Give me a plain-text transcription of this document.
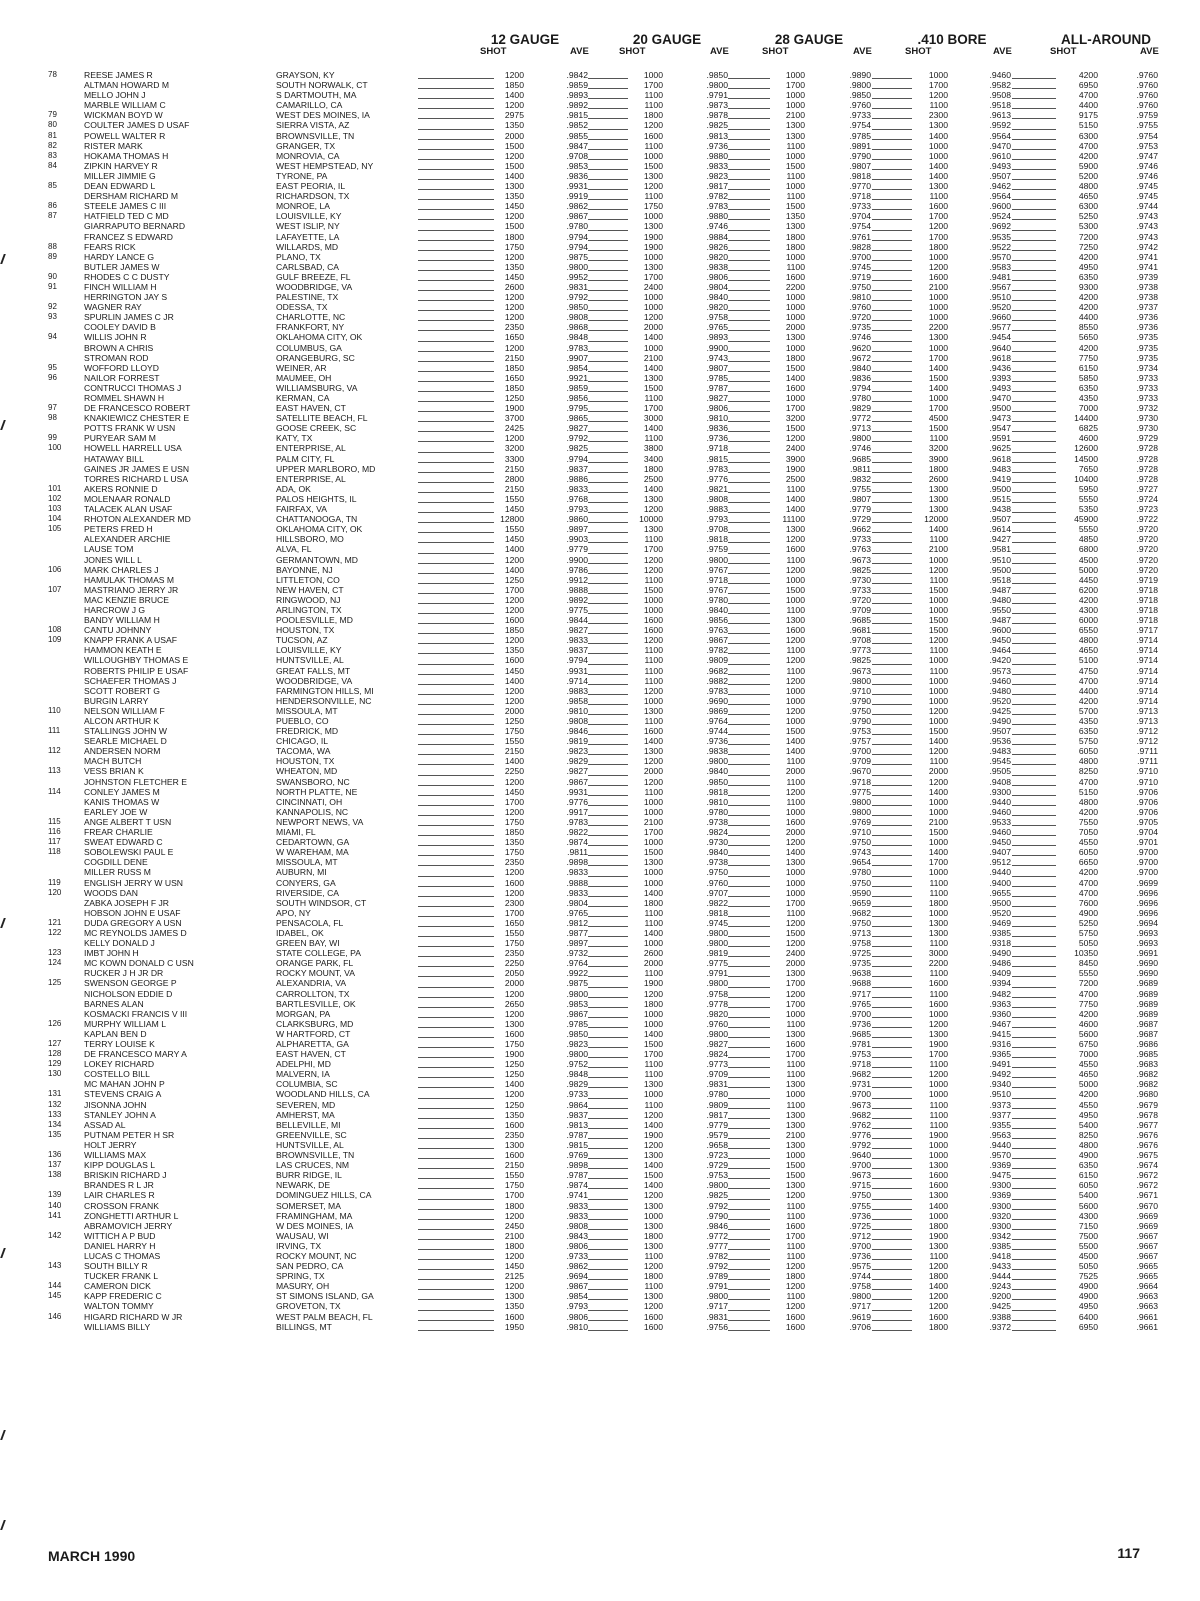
12 GAUGE	20 GAUGE	28 GAUGE	.410 BORE	ALL-AROUND
SHOT	AVE	SHOT	AVE	SHOT	AVE	SHOT	AVE	SHOT	AVE
78	REESE JAMES R	GRAYSON, KY	1200	.9842	1000	.9850	1000	.9890	1000	.9460	4200	.9760
ALTMAN HOWARD M	SOUTH NORWALK, CT	1850	.9859	1700	.9800	1700	.9800	1700	.9582	6950	.9760
MELLO JOHN J	S DARTMOUTH, MA	1400	.9893	1100	.9791	1000	.9850	1200	.9508	4700	.9760
MARBLE WILLIAM C	CAMARILLO, CA	1200	.9892	1100	.9873	1000	.9760	1100	.9518	4400	.9760
79	WICKMAN BOYD W	WEST DES MOINES, IA	2975	.9815	1800	.9878	2100	.9733	2300	.9613	9175	.9759
80	COULTER JAMES D USAF	SIERRA VISTA, AZ	1350	.9852	1200	.9825	1300	.9754	1300	.9592	5150	.9755
81	POWELL WALTER R	BROWNSVILLE, TN	2000	.9855	1600	.9813	1300	.9785	1400	.9564	6300	.9754
82	RISTER MARK	GRANGER, TX	1500	.9847	1100	.9736	1100	.9891	1000	.9470	4700	.9753
83	HOKAMA THOMAS H	MONROVIA, CA	1200	.9708	1000	.9880	1000	.9790	1000	.9610	4200	.9747
84	ZIPKIN HARVEY R	WEST HEMPSTEAD, NY	1500	.9853	1500	.9833	1500	.9807	1400	.9493	5900	.9746
MILLER JIMMIE G	TYRONE, PA	1400	.9836	1300	.9823	1100	.9818	1400	.9507	5200	.9746
85	DEAN EDWARD L	EAST PEORIA, IL	1300	.9931	1200	.9817	1000	.9770	1300	.9462	4800	.9745
DERSHAM RICHARD M	RICHARDSON, TX	1350	.9919	1100	.9782	1100	.9718	1100	.9564	4650	.9745
86	STEELE JAMES C III	MONROE, LA	1450	.9862	1750	.9783	1500	.9733	1600	.9600	6300	.9744
87	HATFIELD TED C MD	LOUISVILLE, KY	1200	.9867	1000	.9880	1350	.9704	1700	.9524	5250	.9743
GIARRAPUTO BERNARD	WEST ISLIP, NY	1500	.9780	1300	.9746	1300	.9754	1200	.9692	5300	.9743
FRANCEZ S EDWARD	LAFAYETTE, LA	1800	.9794	1900	.9884	1800	.9761	1700	.9535	7200	.9743
88	FEARS RICK	WILLARDS, MD	1750	.9794	1900	.9826	1800	.9828	1800	.9522	7250	.9742
89	HARDY LANCE G	PLANO, TX	1200	.9875	1000	.9820	1000	.9700	1000	.9570	4200	.9741
BUTLER JAMES W	CARLSBAD, CA	1350	.9800	1300	.9838	1100	.9745	1200	.9583	4950	.9741
90	RHODES C C DUSTY	GULF BREEZE, FL	1450	.9952	1700	.9806	1600	.9719	1600	.9481	6350	.9739
91	FINCH WILLIAM H	WOODBRIDGE, VA	2600	.9831	2400	.9804	2200	.9750	2100	.9567	9300	.9738
HERRINGTON JAY S	PALESTINE, TX	1200	.9792	1000	.9840	1000	.9810	1000	.9510	4200	.9738
92	WAGNER RAY	ODESSA, TX	1200	.9850	1000	.9820	1000	.9760	1000	.9520	4200	.9737
93	SPURLIN JAMES C JR	CHARLOTTE, NC	1200	.9808	1200	.9758	1000	.9720	1000	.9660	4400	.9736
COOLEY DAVID B	FRANKFORT, NY	2350	.9868	2000	.9765	2000	.9735	2200	.9577	8550	.9736
94	WILLIS JOHN R	OKLAHOMA CITY, OK	1650	.9848	1400	.9893	1300	.9746	1300	.9454	5650	.9735
BROWN A CHRIS	COLUMBUS, GA	1200	.9783	1000	.9900	1000	.9620	1000	.9640	4200	.9735
STROMAN ROD	ORANGEBURG, SC	2150	.9907	2100	.9743	1800	.9672	1700	.9618	7750	.9735
95	WOFFORD LLOYD	WEINER, AR	1850	.9854	1400	.9807	1500	.9840	1400	.9436	6150	.9734
96	NAILOR FORREST	MAUMEE, OH	1650	.9921	1300	.9785	1400	.9836	1500	.9393	5850	.9733
CONTRUCCI THOMAS J	WILLIAMSBURG, VA	1850	.9859	1500	.9787	1600	.9794	1400	.9493	6350	.9733
ROMMEL SHAWN H	KERMAN, CA	1250	.9856	1100	.9827	1000	.9780	1000	.9470	4350	.9733
97	DE FRANCESCO ROBERT	EAST HAVEN, CT	1900	.9795	1700	.9806	1700	.9829	1700	.9500	7000	.9732
98	KNAKIEWICZ CHESTER E	SATELLITE BEACH, FL	3700	.9865	3000	.9810	3200	.9772	4500	.9473	14400	.9730
POTTS FRANK W USN	GOOSE CREEK, SC	2425	.9827	1400	.9836	1500	.9713	1500	.9547	6825	.9730
99	PURYEAR SAM M	KATY, TX	1200	.9792	1100	.9736	1200	.9800	1100	.9591	4600	.9729
100	HOWELL HARRELL USA	ENTERPRISE, AL	3200	.9825	3800	.9718	2400	.9746	3200	.9625	12600	.9728
HATAWAY BILL	PALM CITY, FL	3300	.9794	3400	.9815	3900	.9685	3900	.9618	14500	.9728
GAINES JR JAMES E USN	UPPER MARLBORO, MD	2150	.9837	1800	.9783	1900	.9811	1800	.9483	7650	.9728
TORRES RICHARD L USA	ENTERPRISE, AL	2800	.9886	2500	.9776	2500	.9832	2600	.9419	10400	.9728
101	AKERS RONNIE D	ADA, OK	2150	.9833	1400	.9821	1100	.9755	1300	.9500	5950	.9727
102	MOLENAAR RONALD	PALOS HEIGHTS, IL	1550	.9768	1300	.9808	1400	.9807	1300	.9515	5550	.9724
103	TALACEK ALAN USAF	FAIRFAX, VA	1450	.9793	1200	.9883	1400	.9779	1300	.9438	5350	.9723
104	RHOTON ALEXANDER MD	CHATTANOOGA, TN	12800	.9860	10000	.9793	11100	.9729	12000	.9507	45900	.9722
105	PETERS FRED H	OKLAHOMA CITY, OK	1550	.9897	1300	.9708	1300	.9662	1400	.9614	5550	.9720
ALEXANDER ARCHIE	HILLSBORO, MO	1450	.9903	1100	.9818	1200	.9733	1100	.9427	4850	.9720
LAUSE TOM	ALVA, FL	1400	.9779	1700	.9759	1600	.9763	2100	.9581	6800	.9720
JONES WILL L	GERMANTOWN, MD	1200	.9900	1200	.9800	1100	.9673	1000	.9510	4500	.9720
106	MARK CHARLES J	BAYONNE, NJ	1400	.9786	1200	.9767	1200	.9825	1200	.9500	5000	.9720
HAMULAK THOMAS M	LITTLETON, CO	1250	.9912	1100	.9718	1000	.9730	1100	.9518	4450	.9719
107	MASTRIANO JERRY JR	NEW HAVEN, CT	1700	.9888	1500	.9767	1500	.9733	1500	.9487	6200	.9718
MAC KENZIE BRUCE	RINGWOOD, NJ	1200	.9892	1000	.9780	1000	.9720	1000	.9480	4200	.9718
HARCROW J G	ARLINGTON, TX	1200	.9775	1000	.9840	1100	.9709	1000	.9550	4300	.9718
BANDY WILLIAM H	POOLESVILLE, MD	1600	.9844	1600	.9856	1300	.9685	1500	.9487	6000	.9718
108	CANTU JOHNNY	HOUSTON, TX	1850	.9827	1600	.9763	1600	.9681	1500	.9600	6550	.9717
109	KNAPP FRANK A USAF	TUCSON, AZ	1200	.9833	1200	.9867	1200	.9708	1200	.9450	4800	.9714
HAMMON KEATH E	LOUISVILLE, KY	1350	.9837	1100	.9782	1100	.9773	1100	.9464	4650	.9714
WILLOUGHBY THOMAS E	HUNTSVILLE, AL	1600	.9794	1100	.9809	1200	.9825	1000	.9420	5100	.9714
ROBERTS PHILIP E USAF	GREAT FALLS, MT	1450	.9931	1100	.9682	1100	.9673	1100	.9573	4750	.9714
SCHAEFER THOMAS J	WOODBRIDGE, VA	1400	.9714	1100	.9882	1200	.9800	1000	.9460	4700	.9714
SCOTT ROBERT G	FARMINGTON HILLS, MI	1200	.9883	1200	.9783	1000	.9710	1000	.9480	4400	.9714
BURGIN LARRY	HENDERSONVILLE, NC	1200	.9858	1000	.9690	1000	.9790	1000	.9520	4200	.9714
110	NELSON WILLIAM F	MISSOULA, MT	2000	.9810	1300	.9869	1200	.9750	1200	.9425	5700	.9713
ALCON ARTHUR K	PUEBLO, CO	1250	.9808	1100	.9764	1000	.9790	1000	.9490	4350	.9713
111	STALLINGS JOHN W	FREDRICK, MD	1750	.9846	1600	.9744	1500	.9753	1500	.9507	6350	.9712
SEARLE MICHAEL D	CHICAGO, IL	1550	.9819	1400	.9736	1400	.9757	1400	.9536	5750	.9712
112	ANDERSEN NORM	TACOMA, WA	2150	.9823	1300	.9838	1400	.9700	1200	.9483	6050	.9711
MACH BUTCH	HOUSTON, TX	1400	.9829	1200	.9800	1100	.9709	1100	.9545	4800	.9711
113	VESS BRIAN K	WHEATON, MD	2250	.9827	2000	.9840	2000	.9670	2000	.9505	8250	.9710
JOHNSTON FLETCHER E	SWANSBORO, NC	1200	.9867	1200	.9850	1100	.9718	1200	.9408	4700	.9710
114	CONLEY JAMES M	NORTH PLATTE, NE	1450	.9931	1100	.9818	1200	.9775	1400	.9300	5150	.9706
KANIS THOMAS W	CINCINNATI, OH	1700	.9776	1000	.9810	1100	.9800	1000	.9440	4800	.9706
EARLEY JOE W	KANNAPOLIS, NC	1200	.9917	1000	.9780	1000	.9800	1000	.9460	4200	.9706
115	ANGE ALBERT T USN	NEWPORT NEWS, VA	1750	.9783	2100	.9738	1600	.9769	2100	.9533	7550	.9705
116	FREAR CHARLIE	MIAMI, FL	1850	.9822	1700	.9824	2000	.9710	1500	.9460	7050	.9704
117	SWEAT EDWARD C	CEDARTOWN, GA	1350	.9874	1000	.9730	1200	.9750	1000	.9450	4550	.9701
118	SOBOLEWSKI PAUL E	W WAREHAM, MA	1750	.9811	1500	.9840	1400	.9743	1400	.9407	6050	.9700
COGDILL DENE	MISSOULA, MT	2350	.9898	1300	.9738	1300	.9654	1700	.9512	6650	.9700
MILLER RUSS M	AUBURN, MI	1200	.9833	1000	.9750	1000	.9780	1000	.9440	4200	.9700
119	ENGLISH JERRY W USN	CONYERS, GA	1600	.9888	1000	.9760	1000	.9750	1100	.9400	4700	.9699
120	WOODS DAN	RIVERSIDE, CA	1200	.9833	1400	.9707	1000	.9590	1100	.9655	4700	.9696
ZABKA JOSEPH F JR	SOUTH WINDSOR, CT	2300	.9804	1800	.9822	1700	.9659	1800	.9500	7600	.9696
HOBSON JOHN E USAF	APO, NY	1700	.9765	1100	.9818	1100	.9682	1000	.9520	4900	.9696
121	DUDA GREGORY A USN	PENSACOLA, FL	1650	.9812	1100	.9745	1200	.9750	1300	.9469	5250	.9694
122	MC REYNOLDS JAMES D	IDABEL, OK	1550	.9877	1400	.9800	1500	.9713	1300	.9385	5750	.9693
KELLY DONALD J	GREEN BAY, WI	1750	.9897	1000	.9800	1200	.9758	1100	.9318	5050	.9693
123	IMBT JOHN H	STATE COLLEGE, PA	2350	.9732	2600	.9819	2400	.9725	3000	.9490	10350	.9691
124	MC KOWN DONALD C USN	ORANGE PARK, FL	2250	.9764	2000	.9775	2000	.9735	2200	.9486	8450	.9690
RUCKER J H JR DR	ROCKY MOUNT, VA	2050	.9922	1100	.9791	1300	.9638	1100	.9409	5550	.9690
125	SWENSON GEORGE P	ALEXANDRIA, VA	2000	.9875	1900	.9800	1700	.9688	1600	.9394	7200	.9689
NICHOLSON EDDIE D	CARROLLTON, TX	1200	.9800	1200	.9758	1200	.9717	1100	.9482	4700	.9689
BARNES ALAN	BARTLESVILLE, OK	2650	.9853	1800	.9778	1700	.9765	1600	.9363	7750	.9689
KOSMACKI FRANCIS V III	MORGAN, PA	1200	.9867	1000	.9820	1000	.9700	1000	.9360	4200	.9689
126	MURPHY WILLIAM L	CLARKSBURG, MD	1300	.9785	1000	.9760	1100	.9736	1200	.9467	4600	.9687
KAPLAN BEN D	W HARTFORD, CT	1600	.9850	1400	.9800	1300	.9685	1300	.9415	5600	.9687
127	TERRY LOUISE K	ALPHARETTA, GA	1750	.9823	1500	.9827	1600	.9781	1900	.9316	6750	.9686
128	DE FRANCESCO MARY A	EAST HAVEN, CT	1900	.9800	1700	.9824	1700	.9753	1700	.9365	7000	.9685
129	LOKEY RICHARD	ADELPHI, MD	1250	.9752	1100	.9773	1100	.9718	1100	.9491	4550	.9683
130	COSTELLO BILL	MALVERN, IA	1250	.9848	1100	.9709	1100	.9682	1200	.9492	4650	.9682
MC MAHAN JOHN P	COLUMBIA, SC	1400	.9829	1300	.9831	1300	.9731	1000	.9340	5000	.9682
131	STEVENS CRAIG A	WOODLAND HILLS, CA	1200	.9733	1000	.9780	1000	.9700	1000	.9510	4200	.9680
132	JISONNA JOHN	SEVEREN, MD	1250	.9864	1100	.9809	1100	.9673	1100	.9373	4550	.9679
133	STANLEY JOHN A	AMHERST, MA	1350	.9837	1200	.9817	1300	.9682	1100	.9377	4950	.9678
134	ASSAD AL	BELLEVILLE, MI	1600	.9813	1400	.9779	1300	.9762	1100	.9355	5400	.9677
135	PUTNAM PETER H SR	GREENVILLE, SC	2350	.9787	1900	.9579	2100	.9776	1900	.9563	8250	.9676
HOLT JERRY	HUNTSVILLE, AL	1300	.9815	1200	.9658	1300	.9792	1000	.9440	4800	.9676
136	WILLIAMS MAX	BROWNSVILLE, TN	1600	.9769	1300	.9723	1000	.9640	1000	.9570	4900	.9675
137	KIPP DOUGLAS L	LAS CRUCES, NM	2150	.9898	1400	.9729	1500	.9700	1300	.9369	6350	.9674
138	BRISKIN RICHARD J	BURR RIDGE, IL	1550	.9787	1500	.9753	1500	.9673	1600	.9475	6150	.9672
BRANDES R L JR	NEWARK, DE	1750	.9874	1400	.9800	1300	.9715	1600	.9300	6050	.9672
139	LAIR CHARLES R	DOMINGUEZ HILLS, CA	1700	.9741	1200	.9825	1200	.9750	1300	.9369	5400	.9671
140	CROSSON FRANK	SOMERSET, MA	1800	.9833	1300	.9792	1100	.9755	1400	.9300	5600	.9670
141	ZONGHETTI ARTHUR L	FRAMINGHAM, MA	1200	.9833	1000	.9790	1100	.9736	1000	.9320	4300	.9669
ABRAMOVICH JERRY	W DES MOINES, IA	2450	.9808	1300	.9846	1600	.9725	1800	.9300	7150	.9669
142	WITTICH A P BUD	WAUSAU, WI	2100	.9843	1800	.9772	1700	.9712	1900	.9342	7500	.9667
DANIEL HARRY H	IRVING, TX	1800	.9806	1300	.9777	1100	.9700	1300	.9385	5500	.9667
LUCAS C THOMAS	ROCKY MOUNT, NC	1200	.9733	1100	.9782	1100	.9736	1100	.9418	4500	.9667
143	SOUTH BILLY R	SAN PEDRO, CA	1450	.9862	1200	.9792	1200	.9575	1200	.9433	5050	.9665
TUCKER FRANK L	SPRING, TX	2125	.9694	1800	.9789	1800	.9744	1800	.9444	7525	.9665
144	CAMERON DICK	MASURY, OH	1200	.9867	1100	.9791	1200	.9758	1400	.9243	4900	.9664
145	KAPP FREDERIC C	ST SIMONS ISLAND, GA	1300	.9854	1300	.9800	1100	.9800	1200	.9200	4900	.9663
WALTON TOMMY	GROVETON, TX	1350	.9793	1200	.9717	1200	.9717	1200	.9425	4950	.9663
146	HIGARD RICHARD W JR	WEST PALM BEACH, FL	1600	.9806	1600	.9831	1600	.9619	1600	.9388	6400	.9661
WILLIAMS BILLY	BILLINGS, MT	1950	.9810	1600	.9756	1600	.9706	1800	.9372	6950	.9661
MARCH 1990	117
